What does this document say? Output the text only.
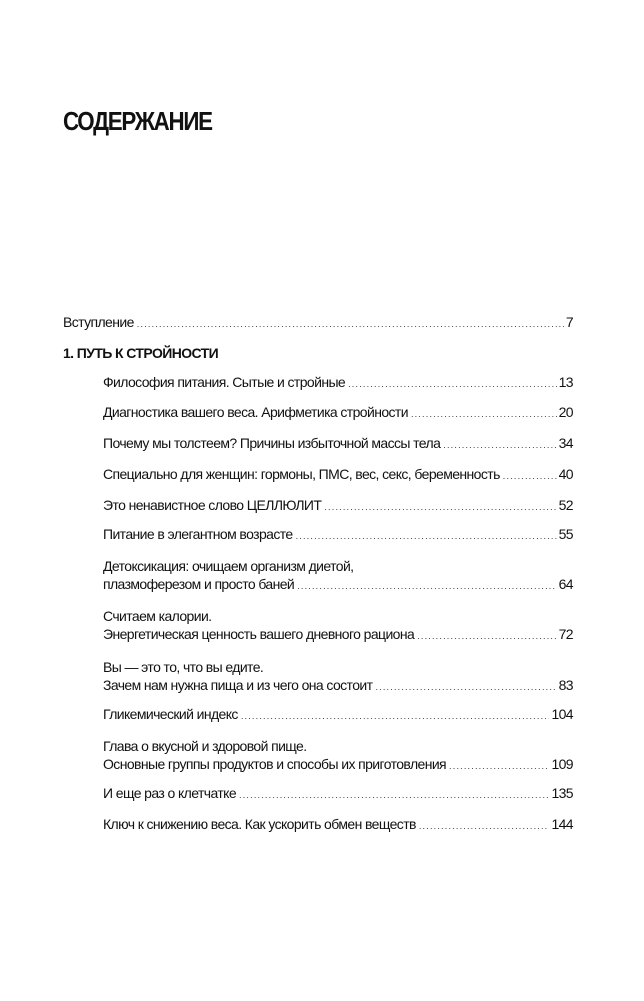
СОДЕРЖАНИЕ
Вступление .....	7
1. ПУТЬ К СТРОЙНОСТИ
Философия питания. Сытые и стройные .....	13
Диагностика вашего веса. Арифметика стройности .....	20
Почему мы толстеем? Причины избыточной массы тела .....	34
Специально для женщин: гормоны, ПМС, вес, секс, беременность .....	40
Это ненавистное слово ЦЕЛЛЮЛИТ .....	52
Питание в элегантном возрасте .....	55
Детоксикация: очищаем организм диетой,
плазмоферезом и просто баней .....	64
Считаем калории.
Энергетическая ценность вашего дневного рациона .....	72
Вы — это то, что вы едите.
Зачем нам нужна пища и из чего она состоит .....	83
Гликемический индекс .....	104
Глава о вкусной и здоровой пище.
Основные группы продуктов и способы их приготовления .....	109
И еще раз о клетчатке .....	135
Ключ к снижению веса. Как ускорить обмен веществ .....	144
